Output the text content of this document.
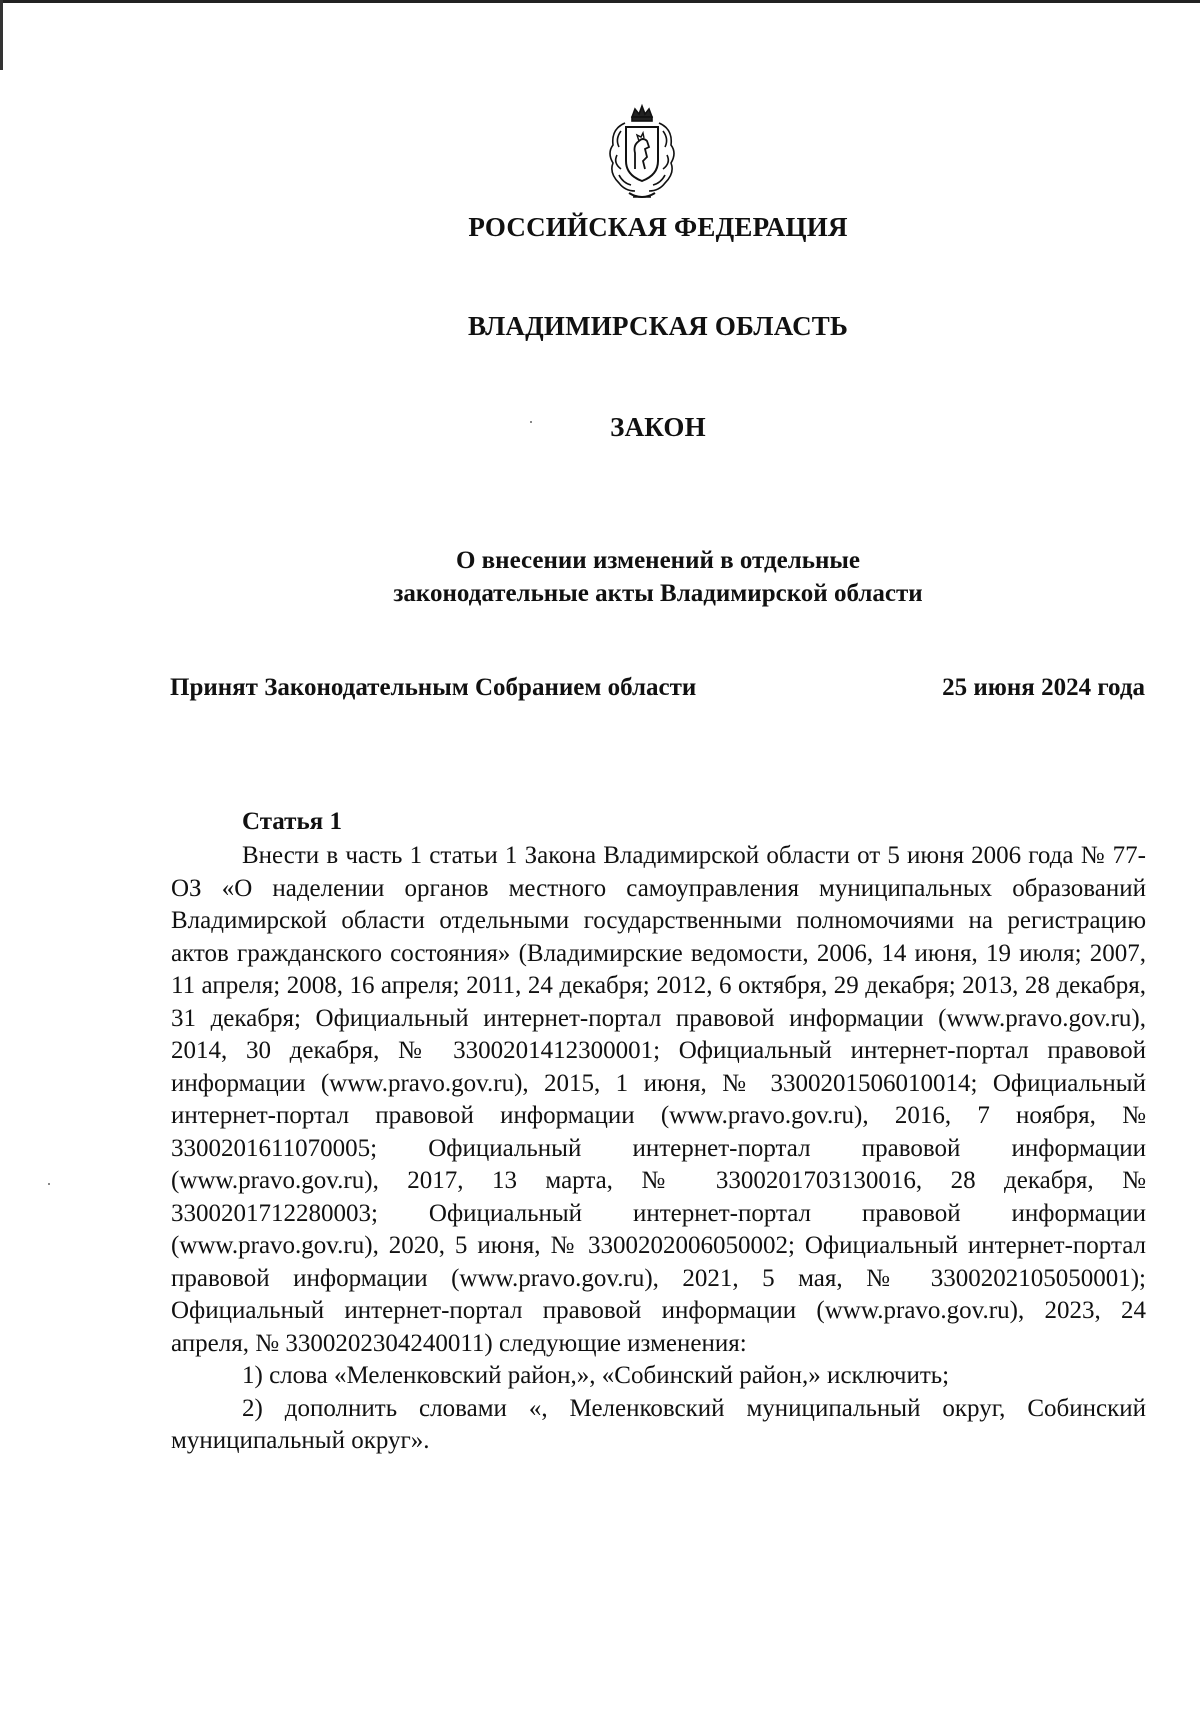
РОССИЙСКАЯ ФЕДЕРАЦИЯ
ВЛАДИМИРСКАЯ ОБЛАСТЬ
ЗАКОН
О внесении изменений в отдельные
законодательные акты Владимирской области
Принят Законодательным Собранием области	25 июня 2024 года
Статья 1

Внести в часть 1 статьи 1 Закона Владимирской области от 5 июня 2006 года № 77-ОЗ «О наделении органов местного самоуправления муниципальных образований Владимирской области отдельными государственными полномочиями на регистрацию актов гражданского состояния» (Владимирские ведомости, 2006, 14 июня, 19 июля; 2007, 11 апреля; 2008, 16 апреля; 2011, 24 декабря; 2012, 6 октября, 29 декабря; 2013, 28 декабря, 31 декабря; Официальный интернет-портал правовой информации (www.pravo.gov.ru), 2014, 30 декабря, № 3300201412300001; Официальный интернет-портал правовой информации (www.pravo.gov.ru), 2015, 1 июня, № 3300201506010014; Официальный интернет-портал правовой информации (www.pravo.gov.ru), 2016, 7 ноября, № 3300201611070005; Официальный интернет-портал правовой информации (www.pravo.gov.ru), 2017, 13 марта, № 3300201703130016, 28 декабря, № 3300201712280003; Официальный интернет-портал правовой информации (www.pravo.gov.ru), 2020, 5 июня, № 3300202006050002; Официальный интернет-портал правовой информации (www.pravo.gov.ru), 2021, 5 мая, № 3300202105050001); Официальный интернет-портал правовой информации (www.pravo.gov.ru), 2023, 24 апреля, № 3300202304240011) следующие изменения:

1) слова «Меленковский район,», «Собинский район,» исключить;

2) дополнить словами «, Меленковский муниципальный округ, Собинский муниципальный округ».
